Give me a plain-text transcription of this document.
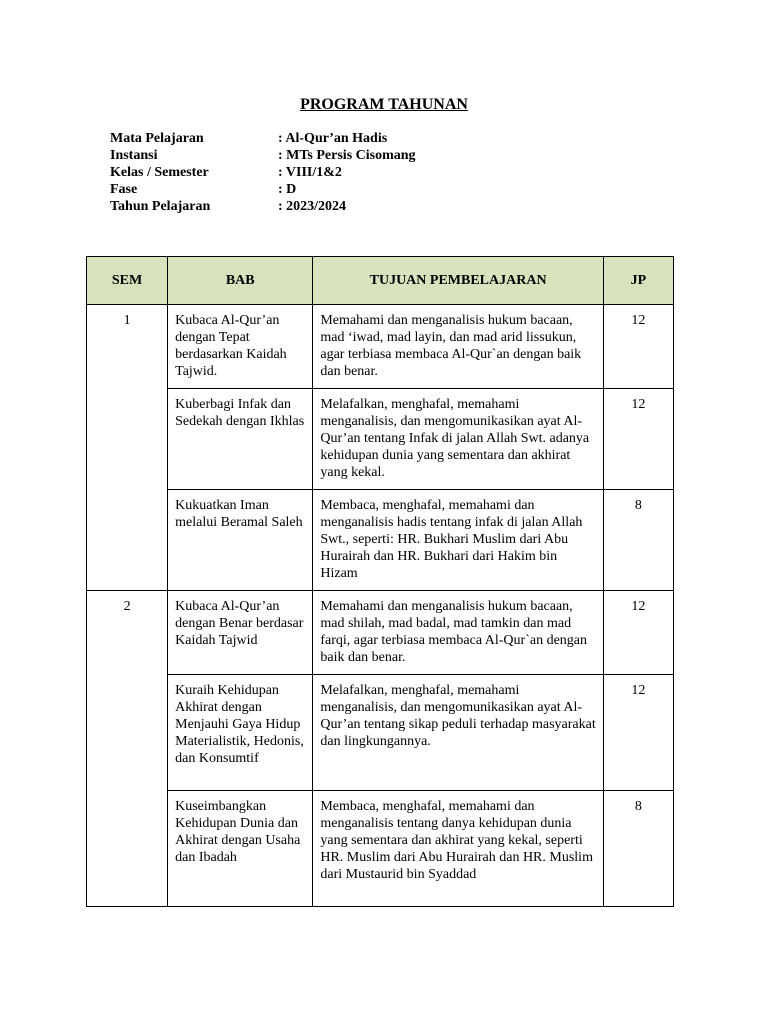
PROGRAM TAHUNAN
Mata Pelajaran	: Al-Qur’an Hadis
Instansi	: MTs Persis Cisomang
Kelas / Semester	: VIII/1&2
Fase	: D
Tahun Pelajaran	: 2023/2024
SEM	BAB	TUJUAN PEMBELAJARAN	JP
1	Kubaca Al-Qur’an dengan Tepat berdasarkan Kaidah Tajwid.	Memahami dan menganalisis hukum bacaan, mad ‘iwad, mad layin, dan mad arid lissukun, agar terbiasa membaca Al-Qur`an dengan baik dan benar.	12
	Kuberbagi Infak dan Sedekah dengan Ikhlas	Melafalkan, menghafal, memahami menganalisis, dan mengomunikasikan ayat Al-Qur’an tentang Infak di jalan Allah Swt. adanya kehidupan dunia yang sementara dan akhirat yang kekal.	12
	Kukuatkan Iman melalui Beramal Saleh	Membaca, menghafal, memahami dan menganalisis hadis tentang infak di jalan Allah Swt., seperti: HR. Bukhari Muslim dari Abu Hurairah dan HR. Bukhari dari Hakim bin Hizam	8
2	Kubaca Al-Qur’an dengan Benar berdasar Kaidah Tajwid	Memahami dan menganalisis hukum bacaan, mad shilah, mad badal, mad tamkin dan mad farqi, agar terbiasa membaca Al-Qur`an dengan baik dan benar.	12
	Kuraih Kehidupan Akhirat dengan Menjauhi Gaya Hidup Materialistik, Hedonis, dan Konsumtif	Melafalkan, menghafal, memahami menganalisis, dan mengomunikasikan ayat Al-Qur’an tentang sikap peduli terhadap masyarakat dan lingkungannya.	12
	Kuseimbangkan Kehidupan Dunia dan Akhirat dengan Usaha dan Ibadah	Membaca, menghafal, memahami dan menganalisis tentang danya kehidupan dunia yang sementara dan akhirat yang kekal, seperti HR. Muslim dari Abu Hurairah dan HR. Muslim dari Mustaurid bin Syaddad	8
